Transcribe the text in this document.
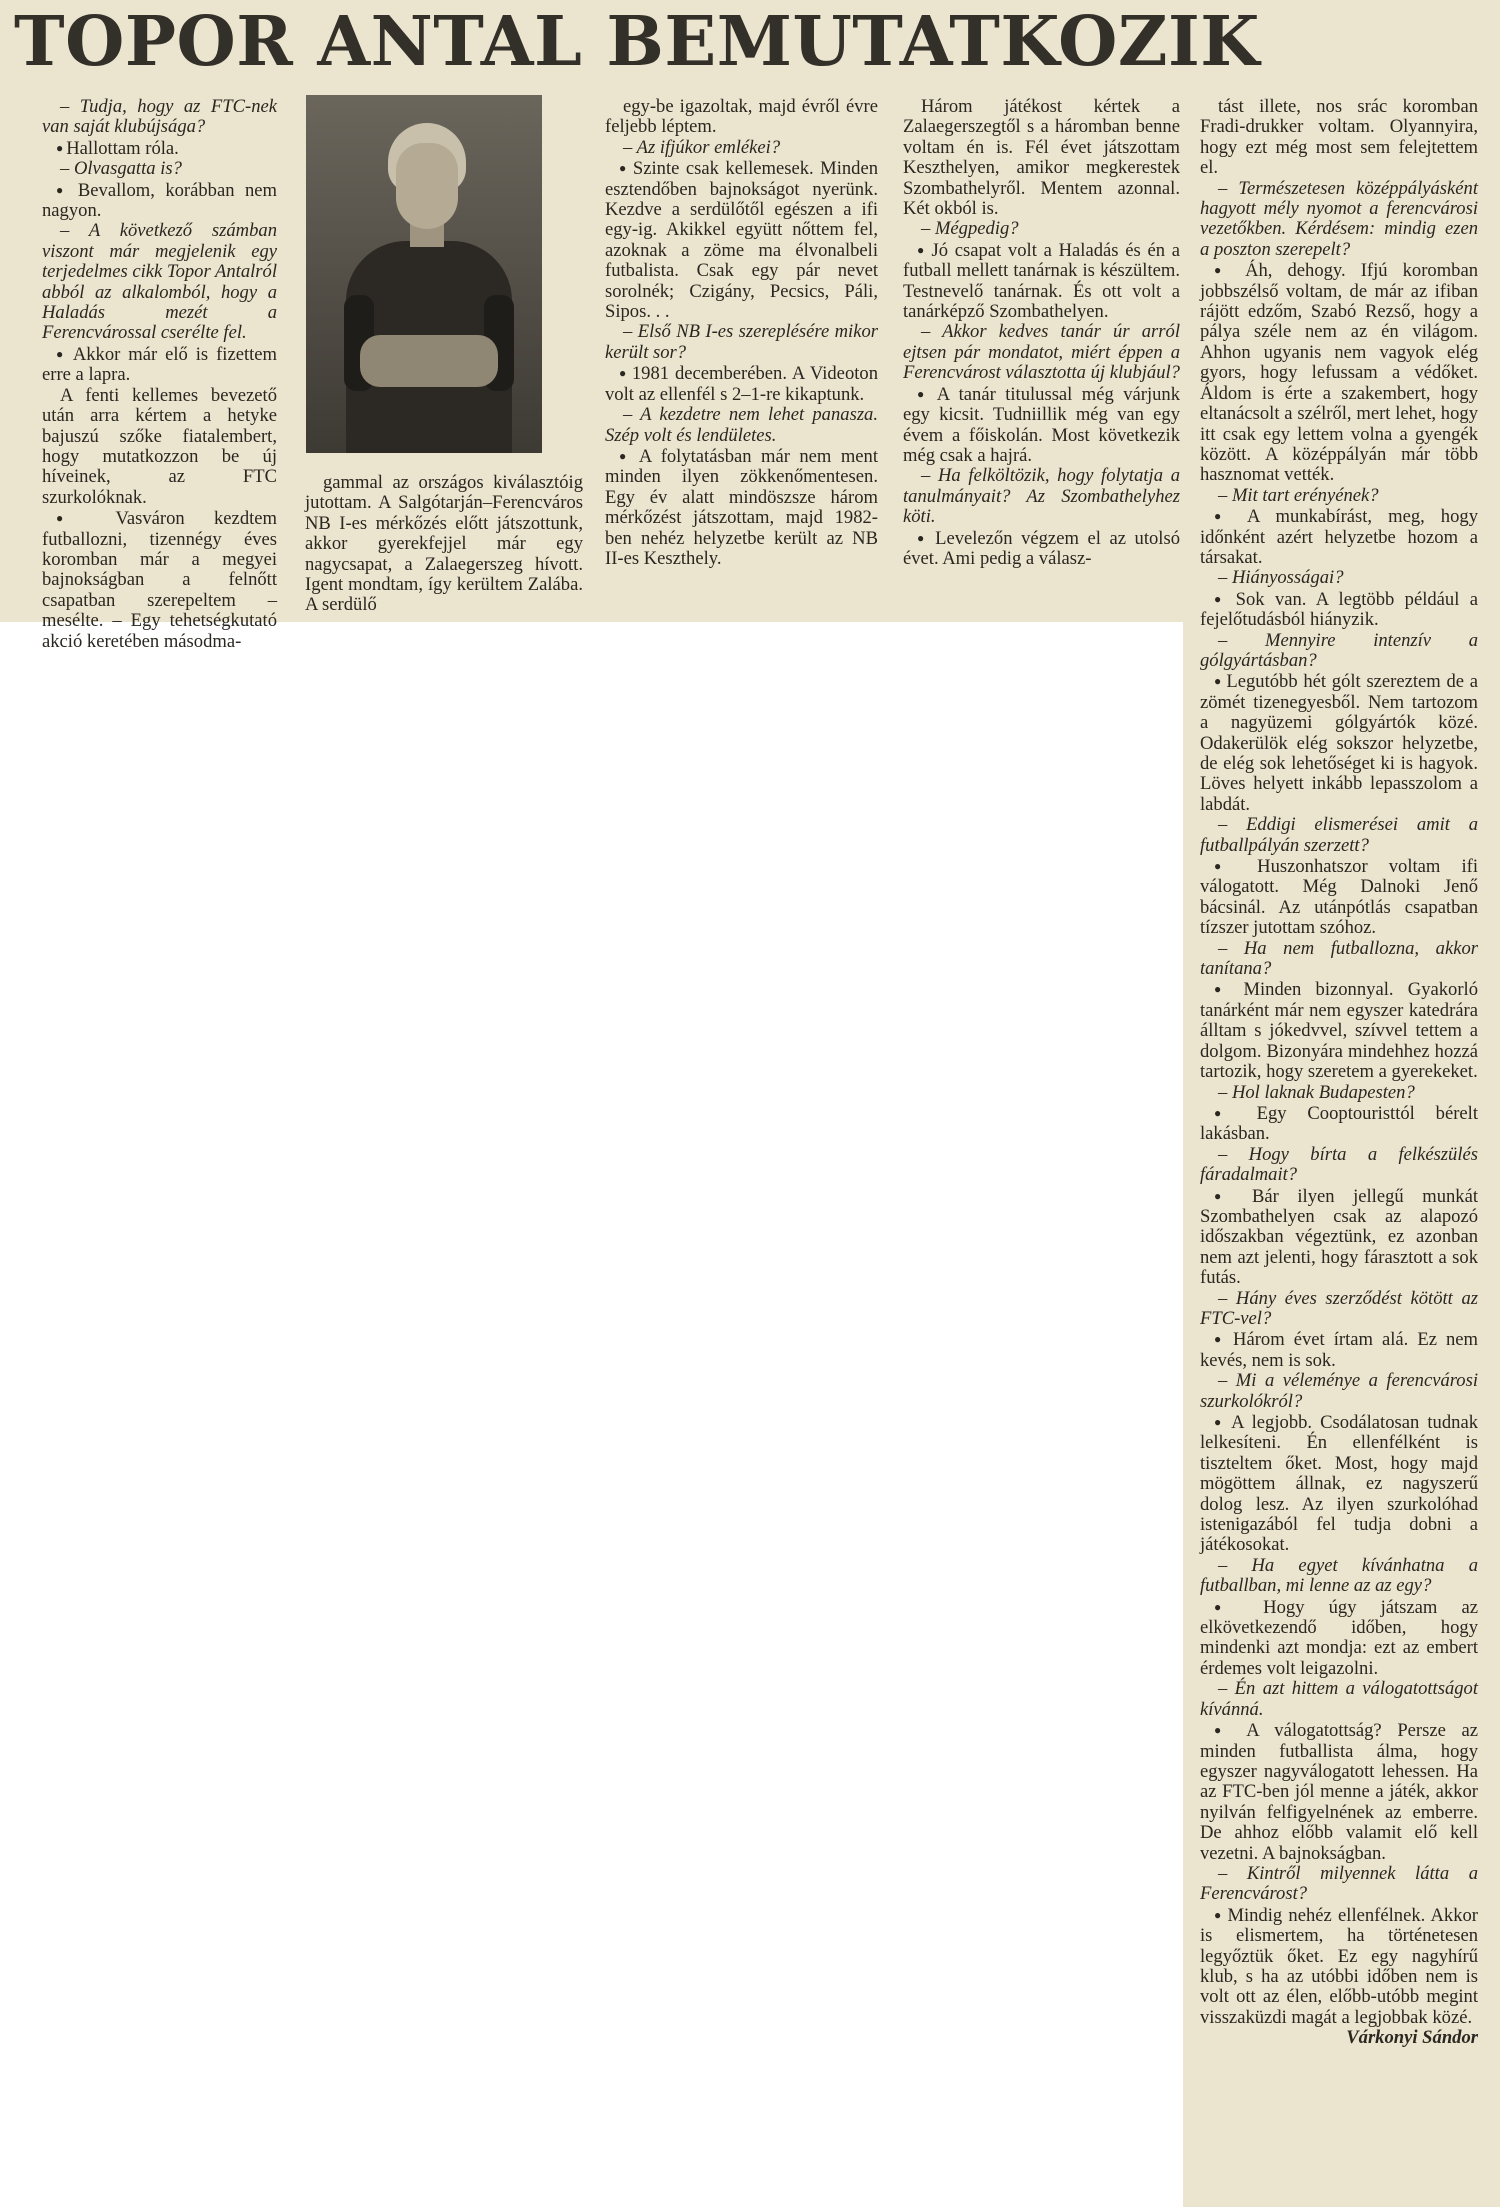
TOPOR ANTAL BEMUTATKOZIK

– Tudja, hogy az FTC-nek van saját klubújsága?

● Hallottam róla.

– Olvasgatta is?

● Bevallom, korábban nem nagyon.

– A következő számban viszont már megjelenik egy terjedelmes cikk Topor Antalról abból az alkalomból, hogy a Haladás mezét a Ferencvárossal cserélte fel.

● Akkor már elő is fizettem erre a lapra.

A fenti kellemes bevezető után arra kértem a hetyke bajuszú szőke fiatalembert, hogy mutatkozzon be új híveinek, az FTC szurkolóknak.

● Vasváron kezdtem futballozni, tizennégy éves koromban már a megyei bajnokságban a felnőtt csapatban szerepeltem – mesélte. – Egy tehetségkutató akció keretében másodma-

gammal az országos kiválasztóig jutottam. A Salgótarján–Ferencváros NB I-es mérkőzés előtt játszottunk, akkor gyerekfejjel már egy nagycsapat, a Zalaegerszeg hívott. Igent mondtam, így kerültem Zalába. A serdülő

egy-be igazoltak, majd évről évre feljebb léptem.

– Az ifjúkor emlékei?

● Szinte csak kellemesek. Minden esztendőben bajnokságot nyerünk. Kezdve a serdülőtől egészen a ifi egy-ig. Akikkel együtt nőttem fel, azoknak a zöme ma élvonalbeli futbalista. Csak egy pár nevet sorolnék; Czigány, Pecsics, Páli, Sipos. . .

– Első NB I-es szereplésére mikor került sor?

● 1981 decemberében. A Videoton volt az ellenfél s 2–1-re kikaptunk.

– A kezdetre nem lehet panasza. Szép volt és lendületes.

● A folytatásban már nem ment minden ilyen zökkenőmentesen. Egy év alatt mindöszsze három mérkőzést játszottam, majd 1982-ben nehéz helyzetbe került az NB II-es Keszthely.

Három játékost kértek a Zalaegerszegtől s a háromban benne voltam én is. Fél évet játszottam Keszthelyen, amikor megkerestek Szombathelyről. Mentem azonnal. Két okból is.

– Mégpedig?

● Jó csapat volt a Haladás és én a futball mellett tanárnak is készültem. Testnevelő tanárnak. És ott volt a tanárképző Szombathelyen.

– Akkor kedves tanár úr arról ejtsen pár mondatot, miért éppen a Ferencvárost választotta új klubjául?

● A tanár titulussal még várjunk egy kicsit. Tudniillik még van egy évem a főiskolán. Most következik még csak a hajrá.

– Ha felköltözik, hogy folytatja a tanulmányait? Az Szombathelyhez köti.

● Levelezőn végzem el az utolsó évet. Ami pedig a válasz-

tást illete, nos srác koromban Fradi-drukker voltam. Olyannyira, hogy ezt még most sem felejtettem el.

– Természetesen középpályásként hagyott mély nyomot a ferencvárosi vezetőkben. Kérdésem: mindig ezen a poszton szerepelt?

● Áh, dehogy. Ifjú koromban jobbszélső voltam, de már az ifiban rájött edzőm, Szabó Rezső, hogy a pálya széle nem az én világom. Ahhon ugyanis nem vagyok elég gyors, hogy lefussam a védőket. Áldom is érte a szakembert, hogy eltanácsolt a szélről, mert lehet, hogy itt csak egy lettem volna a gyengék között. A középpályán már több hasznomat vették.

– Mit tart erényének?

● A munkabírást, meg, hogy időnként azért helyzetbe hozom a társakat.

– Hiányosságai?

● Sok van. A legtöbb például a fejelőtudásból hiányzik.

– Mennyire intenzív a gólgyártásban?

● Legutóbb hét gólt szereztem de a zömét tizenegyesből. Nem tartozom a nagyüzemi gólgyártók közé. Odakerülök elég sokszor helyzetbe, de elég sok lehetőséget ki is hagyok. Löves helyett inkább lepasszolom a labdát.

– Eddigi elismerései amit a futballpályán szerzett?

● Huszonhatszor voltam ifi válogatott. Még Dalnoki Jenő bácsinál. Az utánpótlás csapatban tízszer jutottam szóhoz.

– Ha nem futballozna, akkor tanítana?

● Minden bizonnyal. Gyakorló tanárként már nem egyszer katedrára álltam s jókedvvel, szívvel tettem a dolgom. Bizonyára mindehhez hozzá tartozik, hogy szeretem a gyerekeket.

– Hol laknak Budapesten?

● Egy Cooptouristtól bérelt lakásban.

– Hogy bírta a felkészülés fáradalmait?

● Bár ilyen jellegű munkát Szombathelyen csak az alapozó időszakban végeztünk, ez azonban nem azt jelenti, hogy fárasztott a sok futás.

– Hány éves szerződést kötött az FTC-vel?

● Három évet írtam alá. Ez nem kevés, nem is sok.

– Mi a véleménye a ferencvárosi szurkolókról?

● A legjobb. Csodálatosan tudnak lelkesíteni. Én ellenfélként is tiszteltem őket. Most, hogy majd mögöttem állnak, ez nagyszerű dolog lesz. Az ilyen szurkolóhad istenigazából fel tudja dobni a játékosokat.

– Ha egyet kívánhatna a futballban, mi lenne az az egy?

● Hogy úgy játszam az elkövetkezendő időben, hogy mindenki azt mondja: ezt az embert érdemes volt leigazolni.

– Én azt hittem a válogatottságot kívánná.

● A válogatottság? Persze az minden futballista álma, hogy egyszer nagyválogatott lehessen. Ha az FTC-ben jól menne a játék, akkor nyilván felfigyelnének az emberre. De ahhoz előbb valamit elő kell vezetni. A bajnokságban.

– Kintről milyennek látta a Ferencvárost?

● Mindig nehéz ellenfélnek. Akkor is elismertem, ha történetesen legyőztük őket. Ez egy nagyhírű klub, s ha az utóbbi időben nem is volt ott az élen, előbb-utóbb megint visszaküzdi magát a legjobbak közé.

Várkonyi Sándor
